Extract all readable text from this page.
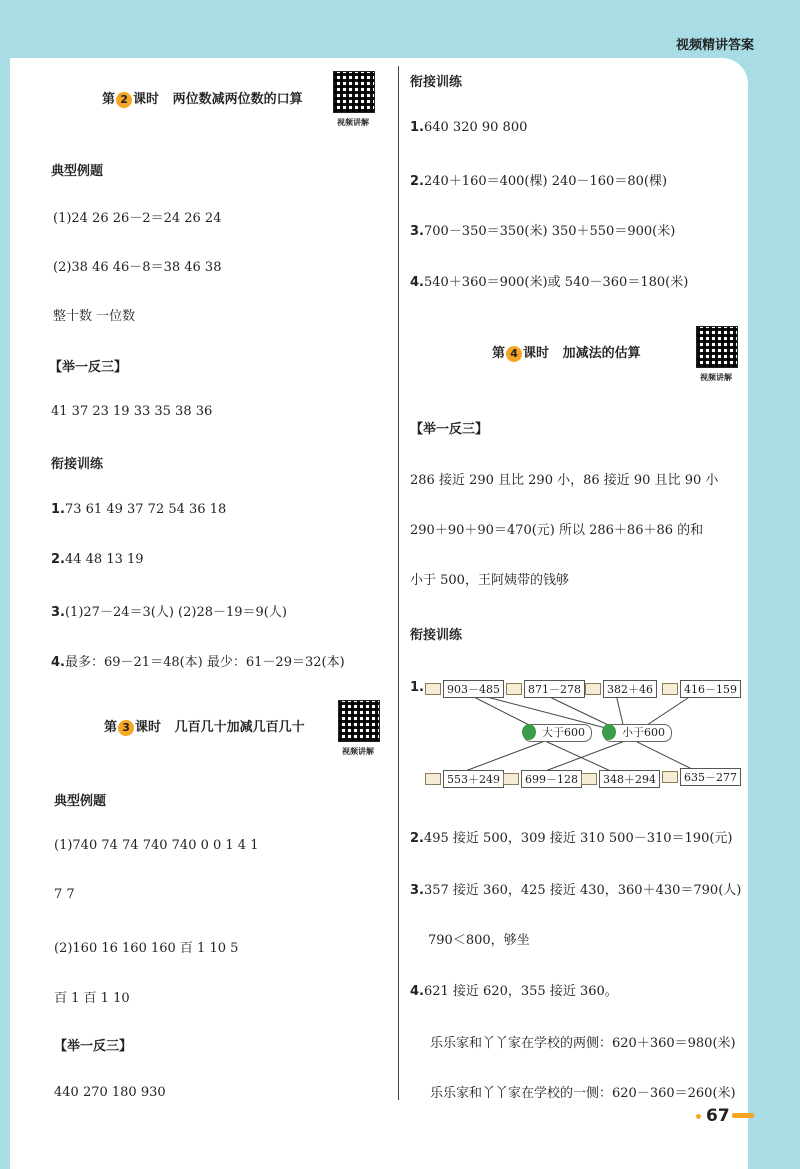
视频精讲答案
第 2 课时 两位数减两位数的口算
视频讲解
典型例题
(1)24 26 26－2＝24 26 24
(2)38 46 46－8＝38 46 38
整十数 一位数
【举一反三】
41 37 23 19 33 35 38 36
衔接训练
1.73 61 49 37 72 54 36 18
2.44 48 13 19
3.(1)27－24＝3(人) (2)28－19＝9(人)
4.最多：69－21＝48(本) 最少：61－29＝32(本)
第 3 课时 几百几十加减几百几十
视频讲解
典型例题
(1)740 74 74 740 740 0 0 1 4 1
7 7
(2)160 16 160 160 百 1 10 5
百 1 百 1 10
【举一反三】
440 270 180 930
衔接训练
1.640 320 90 800
2.240＋160＝400(棵) 240－160＝80(棵)
3.700－350＝350(米) 350＋550＝900(米)
4.540＋360＝900(米)或 540－360＝180(米)
第 4 课时 加减法的估算
视频讲解
【举一反三】
286 接近 290 且比 290 小，86 接近 90 且比 90 小
290＋90＋90＝470(元) 所以 286＋86＋86 的和
小于 500，王阿姨带的钱够
衔接训练
1.	903－485	871－278	382＋46	416－159
大于600	小于600
553＋249	699－128	348＋294	635－277
2.495 接近 500，309 接近 310 500－310＝190(元)
3.357 接近 360，425 接近 430，360＋430＝790(人)
790＜800，够坐
4.621 接近 620，355 接近 360。
乐乐家和丫丫家在学校的两侧：620＋360＝980(米)
乐乐家和丫丫家在学校的一侧：620－360＝260(米)
67
